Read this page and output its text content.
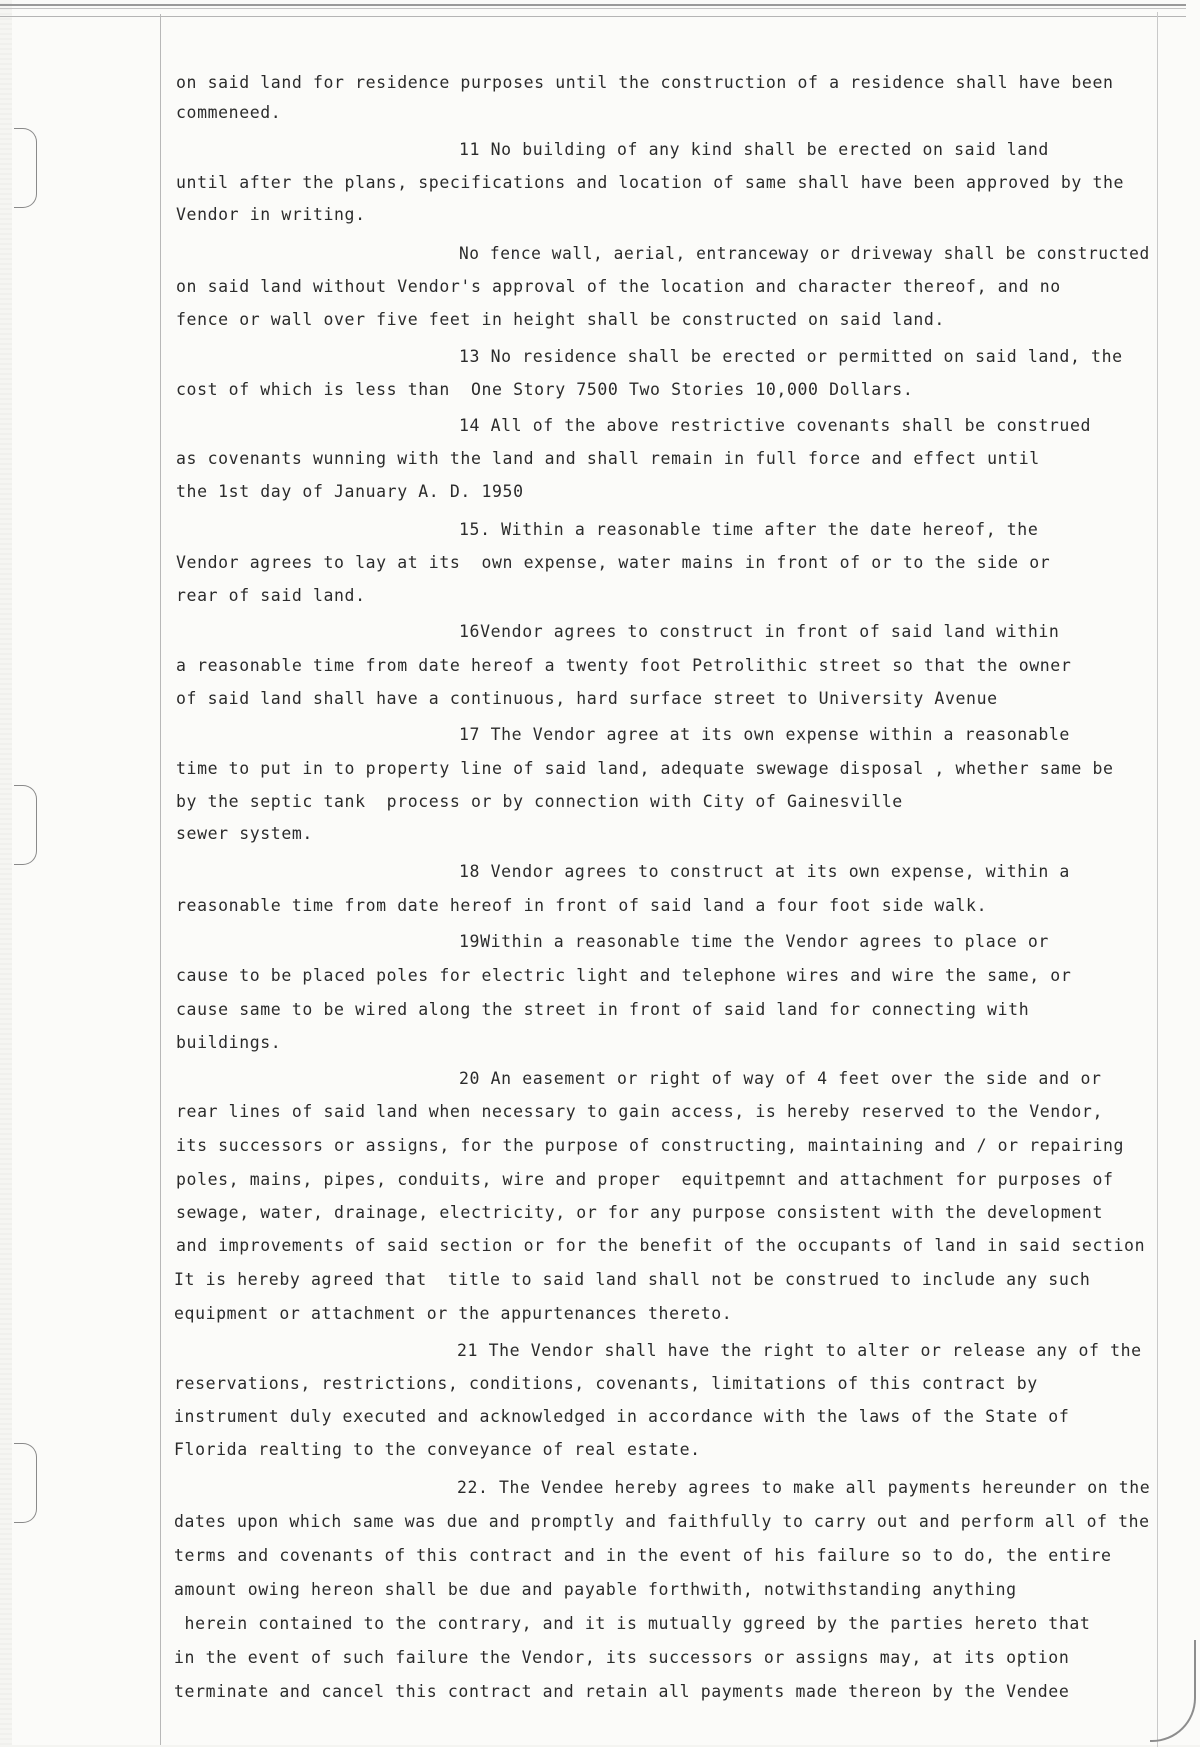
on said land for residence purposes until the construction of a residence shall have been
commeneed.
11 No building of any kind shall be erected on said land
until after the plans, specifications and location of same shall have been approved by the
Vendor in writing.
No fence wall, aerial, entranceway or driveway shall be constructed
on said land without Vendor's approval of the location and character thereof, and no
fence or wall over five feet in height shall be constructed on said land.
13 No residence shall be erected or permitted on said land, the
cost of which is less than  One Story 7500 Two Stories 10,000 Dollars.
14 All of the above restrictive covenants shall be construed
as covenants wunning with the land and shall remain in full force and effect until
the 1st day of January A. D. 1950
15. Within a reasonable time after the date hereof, the
Vendor agrees to lay at its  own expense, water mains in front of or to the side or
rear of said land.
16Vendor agrees to construct in front of said land within
a reasonable time from date hereof a twenty foot Petrolithic street so that the owner
of said land shall have a continuous, hard surface street to University Avenue
17 The Vendor agree at its own expense within a reasonable
time to put in to property line of said land, adequate swewage disposal , whether same be
by the septic tank  process or by connection with City of Gainesville
sewer system.
18 Vendor agrees to construct at its own expense, within a
reasonable time from date hereof in front of said land a four foot side walk.
19Within a reasonable time the Vendor agrees to place or
cause to be placed poles for electric light and telephone wires and wire the same, or
cause same to be wired along the street in front of said land for connecting with
buildings.
20 An easement or right of way of 4 feet over the side and or
rear lines of said land when necessary to gain access, is hereby reserved to the Vendor,
its successors or assigns, for the purpose of constructing, maintaining and / or repairing
poles, mains, pipes, conduits, wire and proper  equitpemnt and attachment for purposes of
sewage, water, drainage, electricity, or for any purpose consistent with the development
and improvements of said section or for the benefit of the occupants of land in said section
It is hereby agreed that  title to said land shall not be construed to include any such
equipment or attachment or the appurtenances thereto.
21 The Vendor shall have the right to alter or release any of the
reservations, restrictions, conditions, covenants, limitations of this contract by
instrument duly executed and acknowledged in accordance with the laws of the State of
Florida realting to the conveyance of real estate.
22. The Vendee hereby agrees to make all payments hereunder on the
dates upon which same was due and promptly and faithfully to carry out and perform all of the
terms and covenants of this contract and in the event of his failure so to do, the entire
amount owing hereon shall be due and payable forthwith, notwithstanding anything
herein contained to the contrary, and it is mutually ggreed by the parties hereto that
in the event of such failure the Vendor, its successors or assigns may, at its option
terminate and cancel this contract and retain all payments made thereon by the Vendee
